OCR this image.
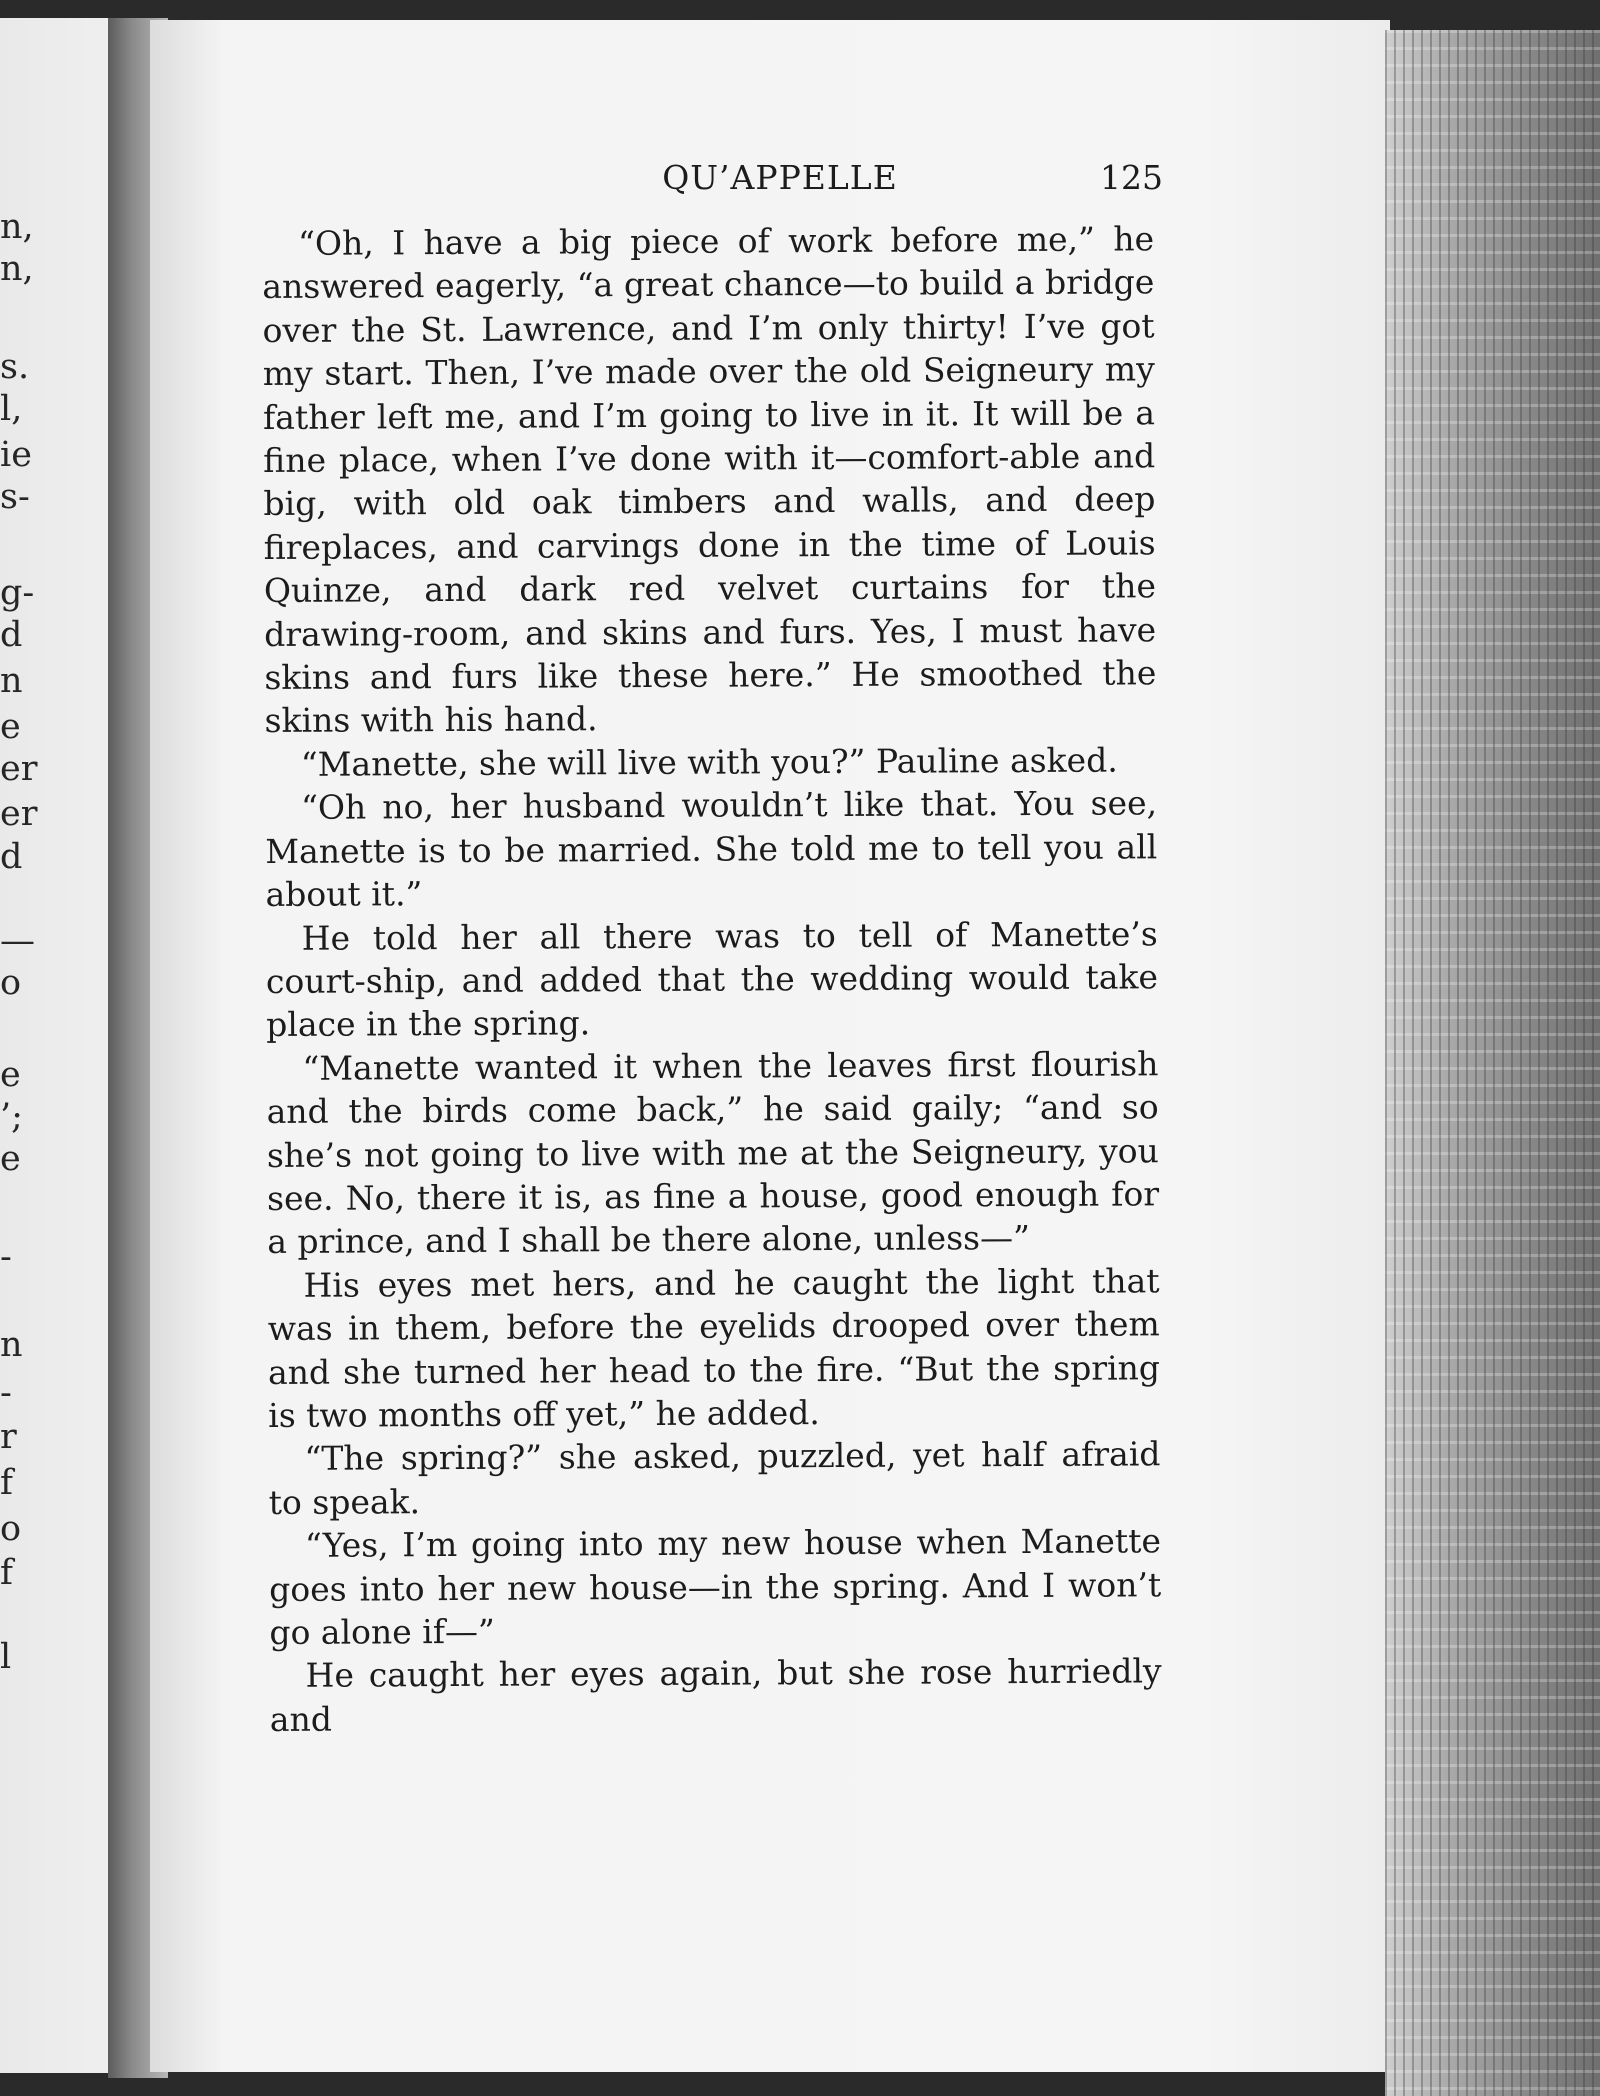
n,
n,
s.
l,
ie
s-
g-
d
n
e
er
er
d
—
o
e
’;
e
-
n
-
r
f
o
f
l
QU’APPELLE	125

“Oh, I have a big piece of work before me,” he answered eagerly, “a great chance—to build a bridge over the St. Lawrence, and I’m only thirty! I’ve got my start. Then, I’ve made over the old Seigneury my father left me, and I’m going to live in it. It will be a fine place, when I’ve done with it—comfort-able and big, with old oak timbers and walls, and deep fireplaces, and carvings done in the time of Louis Quinze, and dark red velvet curtains for the drawing-room, and skins and furs. Yes, I must have skins and furs like these here.” He smoothed the skins with his hand.

“Manette, she will live with you?” Pauline asked.

“Oh no, her husband wouldn’t like that. You see, Manette is to be married. She told me to tell you all about it.”

He told her all there was to tell of Manette’s court-ship, and added that the wedding would take place in the spring.

“Manette wanted it when the leaves first flourish and the birds come back,” he said gaily; “and so she’s not going to live with me at the Seigneury, you see. No, there it is, as fine a house, good enough for a prince, and I shall be there alone, unless—”

His eyes met hers, and he caught the light that was in them, before the eyelids drooped over them and she turned her head to the fire. “But the spring is two months off yet,” he added.

“The spring?” she asked, puzzled, yet half afraid to speak.

“Yes, I’m going into my new house when Manette goes into her new house—in the spring. And I won’t go alone if—”

He caught her eyes again, but she rose hurriedly and
